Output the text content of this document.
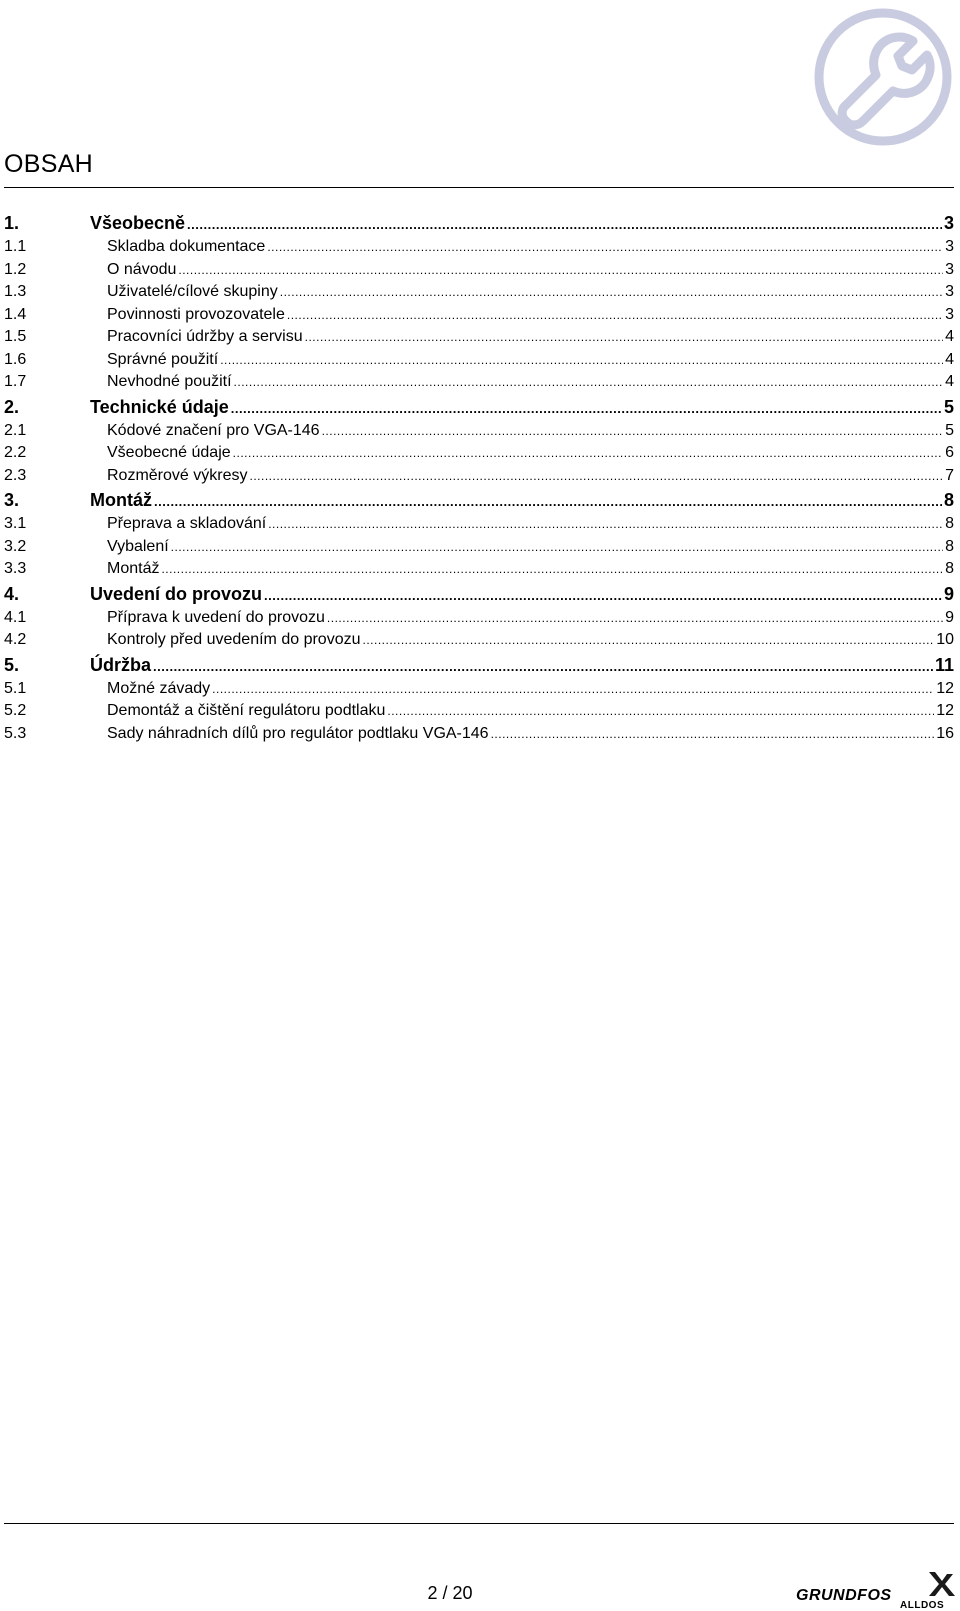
OBSAH
1.	Všeobecně .....	3
1.1	Skladba dokumentace .....	3
1.2	O návodu .....	3
1.3	Uživatelé/cílové skupiny .....	3
1.4	Povinnosti provozovatele .....	3
1.5	Pracovníci údržby a servisu .....	4
1.6	Správné použití .....	4
1.7	Nevhodné použití .....	4
2.	Technické údaje .....	5
2.1	Kódové značení pro VGA-146 .....	5
2.2	Všeobecné údaje .....	6
2.3	Rozměrové výkresy .....	7
3.	Montáž .....	8
3.1	Přeprava a skladování .....	8
3.2	Vybalení .....	8
3.3	Montáž .....	8
4.	Uvedení do provozu .....	9
4.1	Příprava k uvedení do provozu .....	9
4.2	Kontroly před uvedením do provozu .....	10
5.	Údržba .....	11
5.1	Možné závady .....	12
5.2	Demontáž a čištění regulátoru podtlaku .....	12
5.3	Sady náhradních dílů pro regulátor podtlaku VGA-146 .....	16
2 / 20	GRUNDFOS
ALLDOS
